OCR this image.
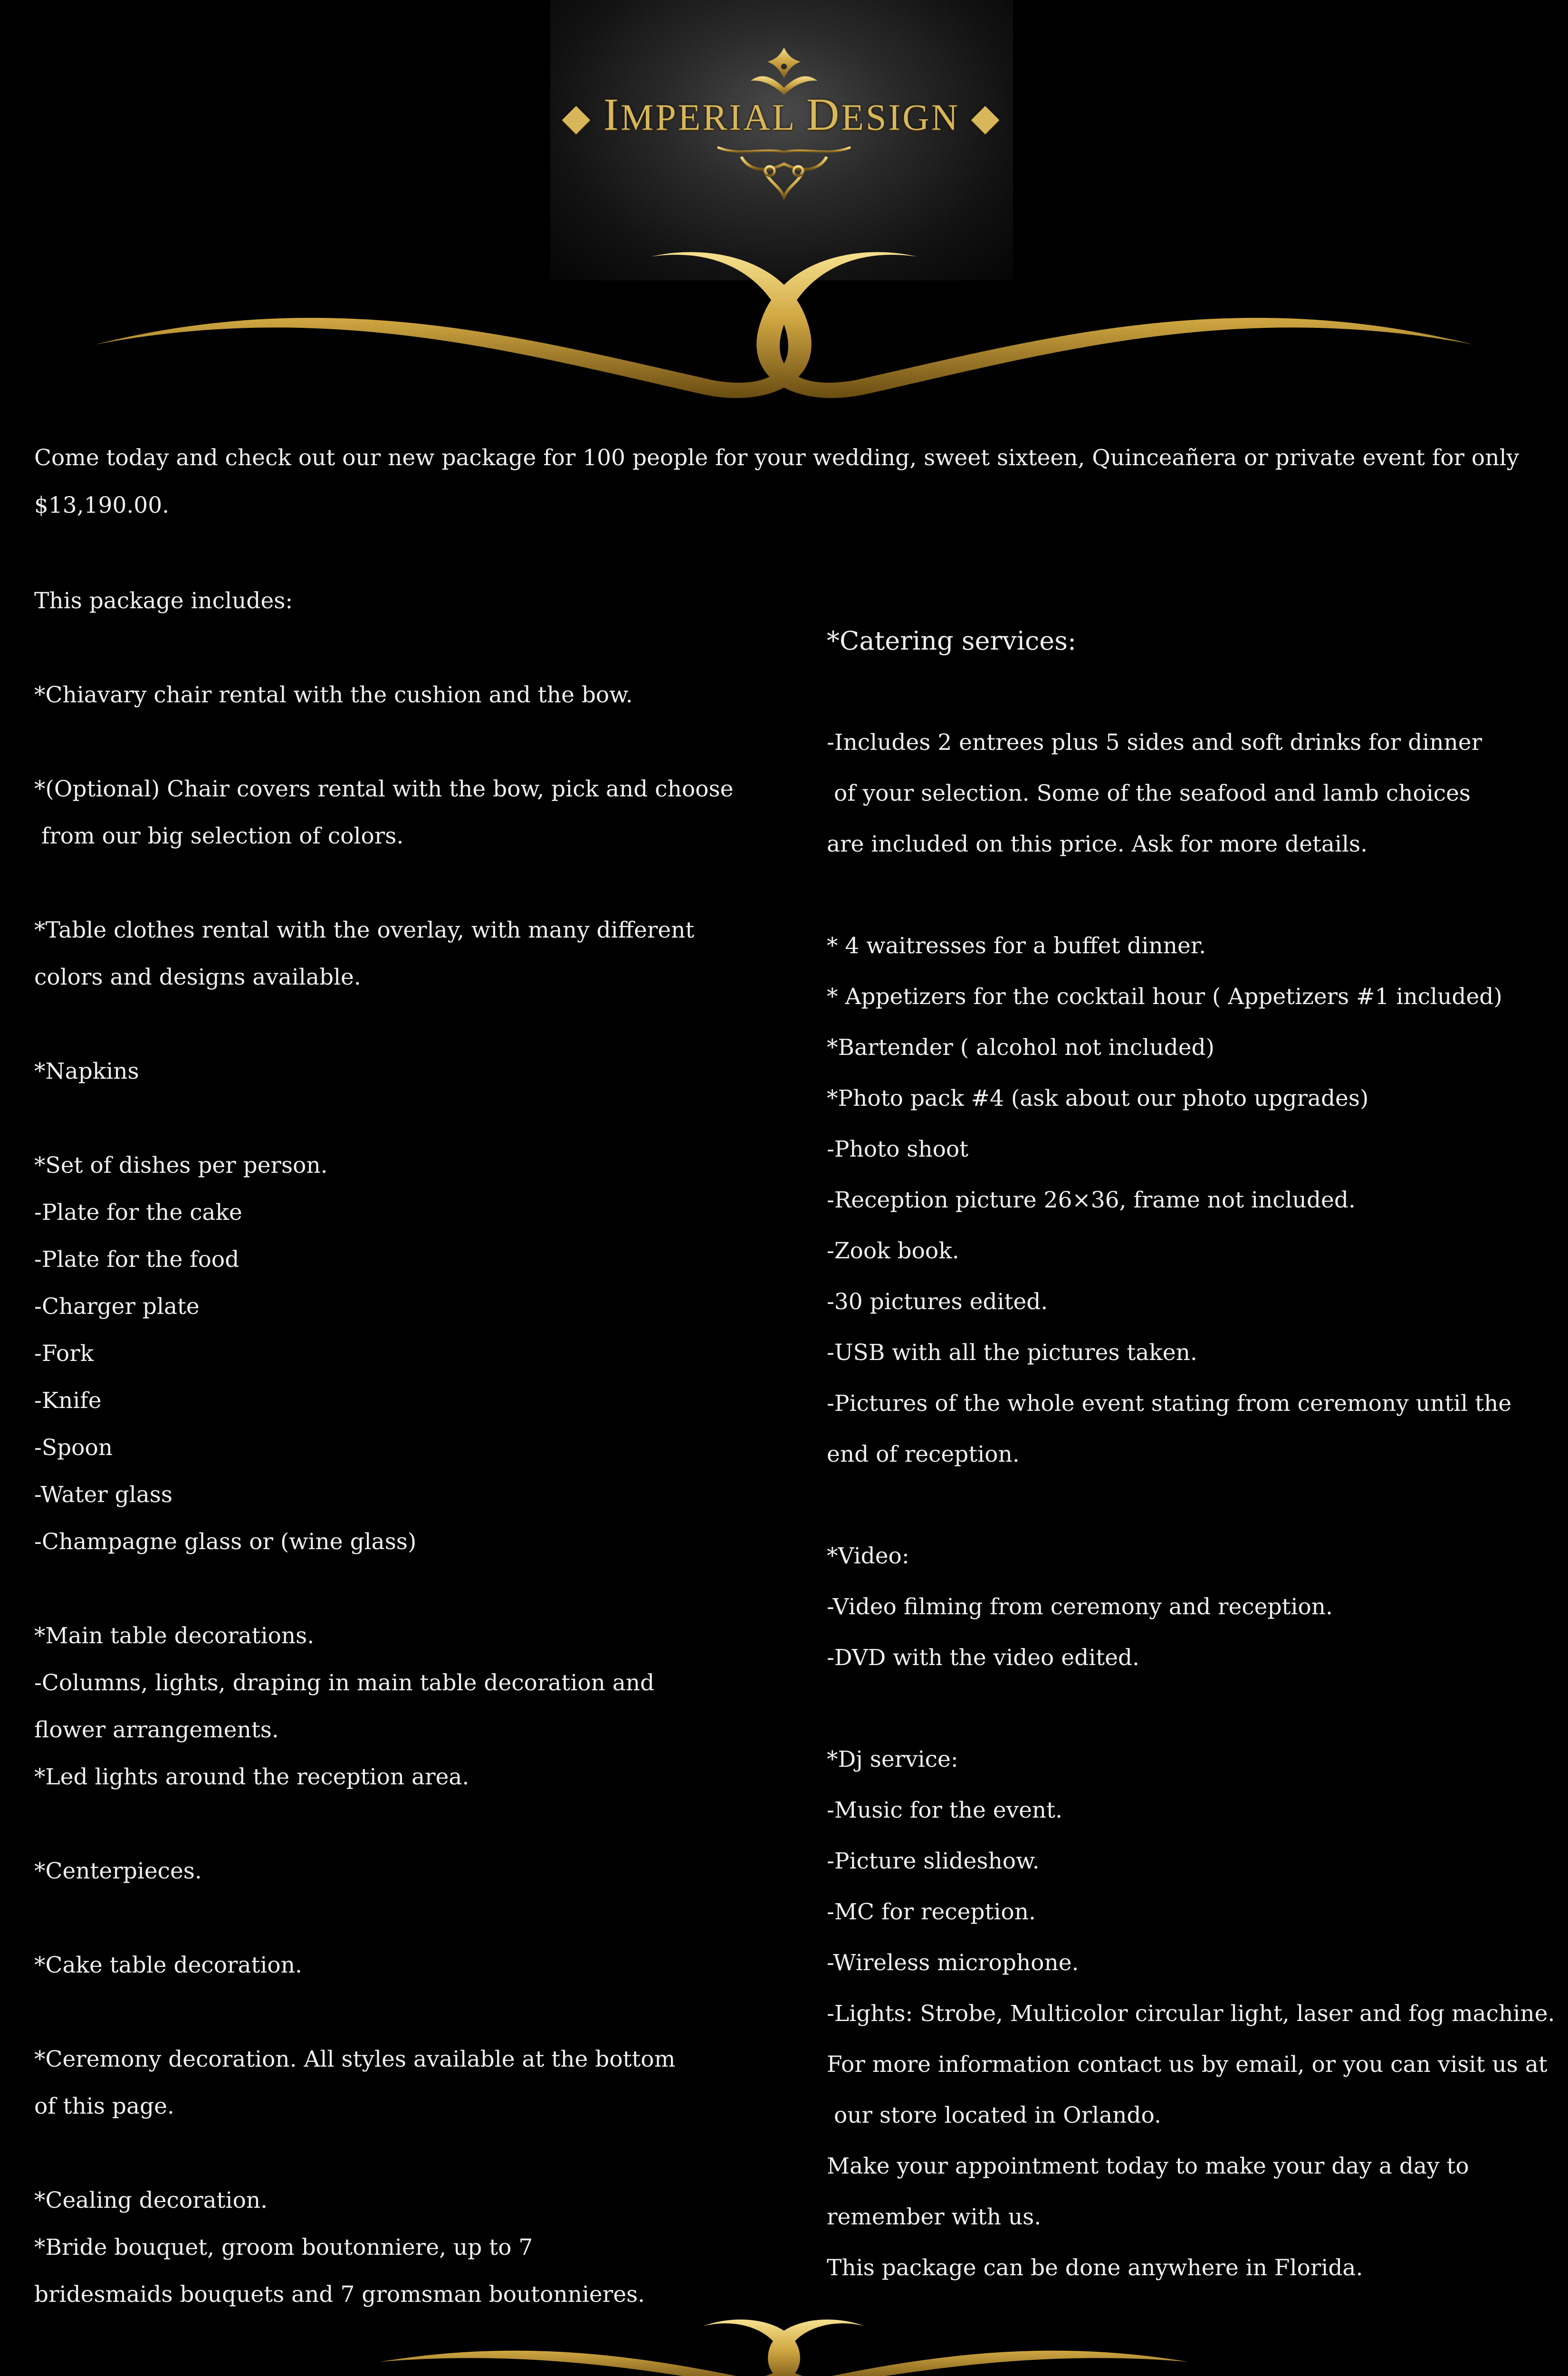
◆ IMPERIAL DESIGN ◆
Come today and check out our new package for 100 people for your wedding, sweet sixteen, Quinceañera or private event for only $13,190.00.
This package includes:
*Chiavary chair rental with the cushion and the bow.
*(Optional) Chair covers rental with the bow, pick and choose
from our big selection of colors.
*Table clothes rental with the overlay, with many different
colors and designs available.
*Napkins
*Set of dishes per person.
-Plate for the cake
-Plate for the food
-Charger plate
-Fork
-Knife
-Spoon
-Water glass
-Champagne glass or (wine glass)
*Main table decorations.
-Columns, lights, draping in main table decoration and
flower arrangements.
*Led lights around the reception area.
*Centerpieces.
*Cake table decoration.
*Ceremony decoration. All styles available at the bottom
of this page.
*Cealing decoration.
*Bride bouquet, groom boutonniere, up to 7
bridesmaids bouquets and 7 gromsman boutonnieres.
*Catering services:
-Includes 2 entrees plus 5 sides and soft drinks for dinner
of your selection. Some of the seafood and lamb choices
are included on this price. Ask for more details.
* 4 waitresses for a buffet dinner.
* Appetizers for the cocktail hour ( Appetizers #1 included)
*Bartender ( alcohol not included)
*Photo pack #4 (ask about our photo upgrades)
-Photo shoot
-Reception picture 26×36, frame not included.
-Zook book.
-30 pictures edited.
-USB with all the pictures taken.
-Pictures of the whole event stating from ceremony until the
end of reception.
*Video:
-Video filming from ceremony and reception.
-DVD with the video edited.
*Dj service:
-Music for the event.
-Picture slideshow.
-MC for reception.
-Wireless microphone.
-Lights: Strobe, Multicolor circular light, laser and fog machine.
For more information contact us by email, or you can visit us at
our store located in Orlando.
Make your appointment today to make your day a day to
remember with us.
This package can be done anywhere in Florida.
